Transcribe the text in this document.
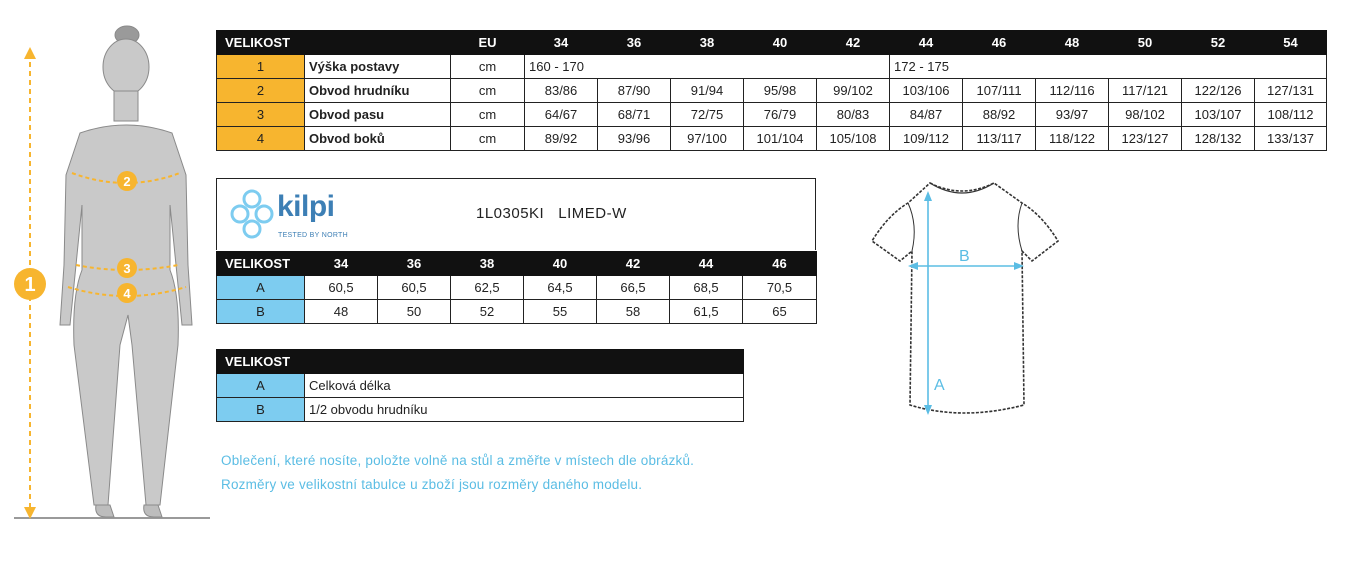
1
2
3
4
VELIKOST		EU	34	36	38	40	42	44	46	48	50	52	54
1	Výška postavy	cm	160 - 170					172 - 175					
2	Obvod hrudníku	cm	83/86	87/90	91/94	95/98	99/102	103/106	107/111	112/116	117/121	122/126	127/131
3	Obvod pasu	cm	64/67	68/71	72/75	76/79	80/83	84/87	88/92	93/97	98/102	103/107	108/112
4	Obvod boků	cm	89/92	93/96	97/100	101/104	105/108	109/112	113/117	118/122	123/127	128/132	133/137
kilpi
TESTED BY NORTH
1L0305KI LIMED-W
VELIKOST	34	36	38	40	42	44	46
A	60,5	60,5	62,5	64,5	66,5	68,5	70,5
B	48	50	52	55	58	61,5	65
VELIKOST	
A	Celková délka
B	1/2 obvodu hrudníku
Oblečení, které nosíte, položte volně na stůl a změřte v místech dle obrázků.
Rozměry ve velikostní tabulce u zboží jsou rozměry daného modelu.
A
B
